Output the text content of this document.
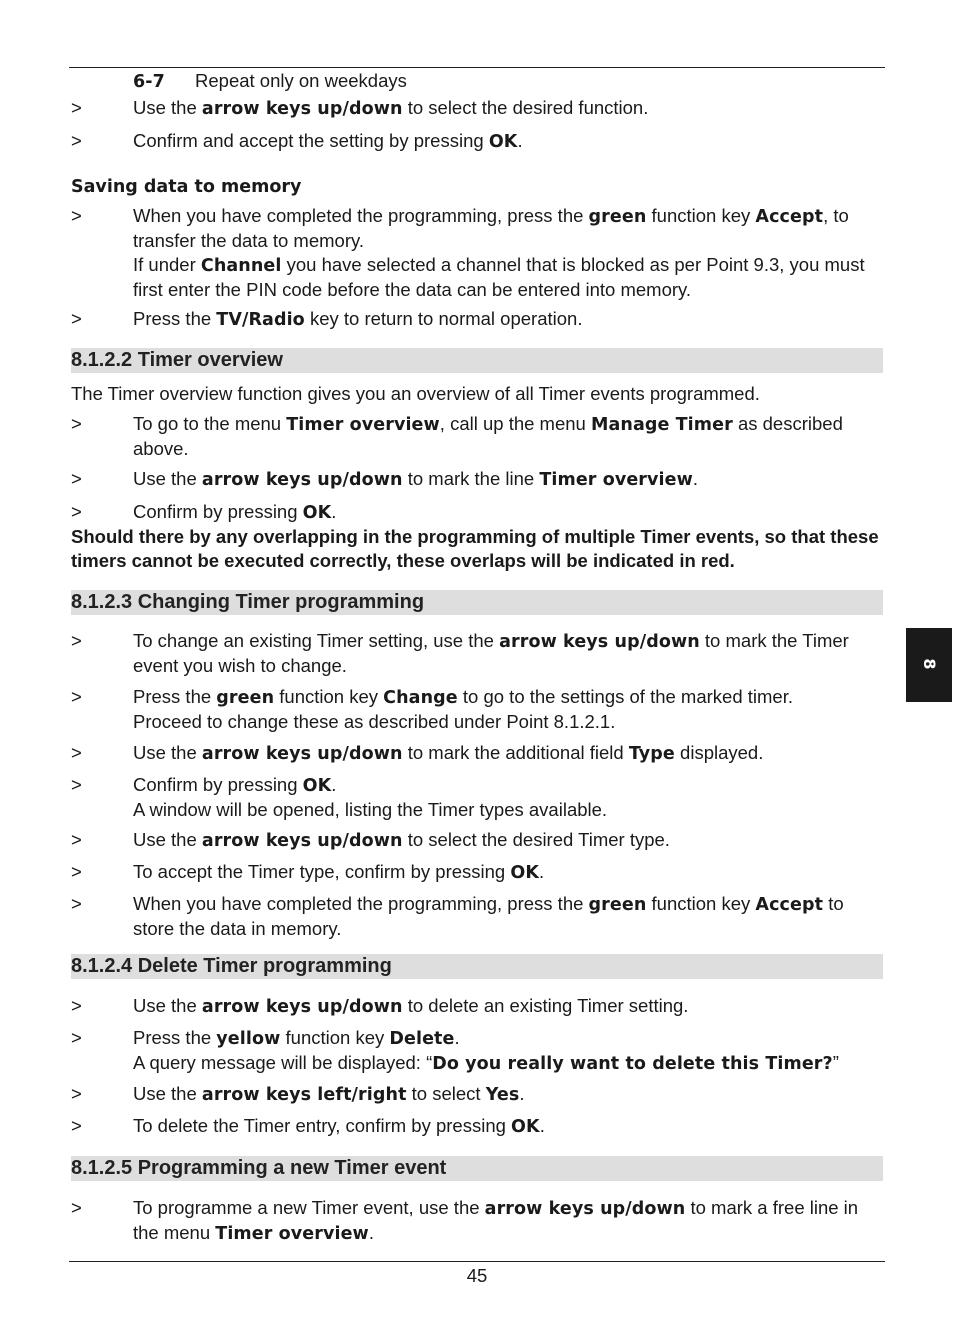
6-7 Repeat only on weekdays
>	Use the arrow keys up/down to select the desired function.
>	Confirm and accept the setting by pressing OK.
Saving data to memory
>	When you have completed the programming, press the green function key Accept, to transfer the data to memory.
If under Channel you have selected a channel that is blocked as per Point 9.3, you must first enter the PIN code before the data can be entered into memory.
>	Press the TV/Radio key to return to normal operation.
8.1.2.2 Timer overview
The Timer overview function gives you an overview of all Timer events programmed.
>	To go to the menu Timer overview, call up the menu Manage Timer as described above.
>	Use the arrow keys up/down to mark the line Timer overview.
>	Confirm by pressing OK.
Should there by any overlapping in the programming of multiple Timer events, so that these timers cannot be executed correctly, these overlaps will be indicated in red.
8.1.2.3 Changing Timer programming
>	To change an existing Timer setting, use the arrow keys up/down to mark the Timer event you wish to change.
>	Press the green function key Change to go to the settings of the marked timer.
Proceed to change these as described under Point 8.1.2.1.
>	Use the arrow keys up/down to mark the additional field Type displayed.
>	Confirm by pressing OK.
A window will be opened, listing the Timer types available.
>	Use the arrow keys up/down to select the desired Timer type.
>	To accept the Timer type, confirm by pressing OK.
>	When you have completed the programming, press the green function key Accept to store the data in memory.
8.1.2.4 Delete Timer programming
>	Use the arrow keys up/down to delete an existing Timer setting.
>	Press the yellow function key Delete.
A query message will be displayed: “Do you really want to delete this Timer?”
>	Use the arrow keys left/right to select Yes.
>	To delete the Timer entry, confirm by pressing OK.
8.1.2.5 Programming a new Timer event
>	To programme a new Timer event, use the arrow keys up/down to mark a free line in the menu Timer overview.
45
8
